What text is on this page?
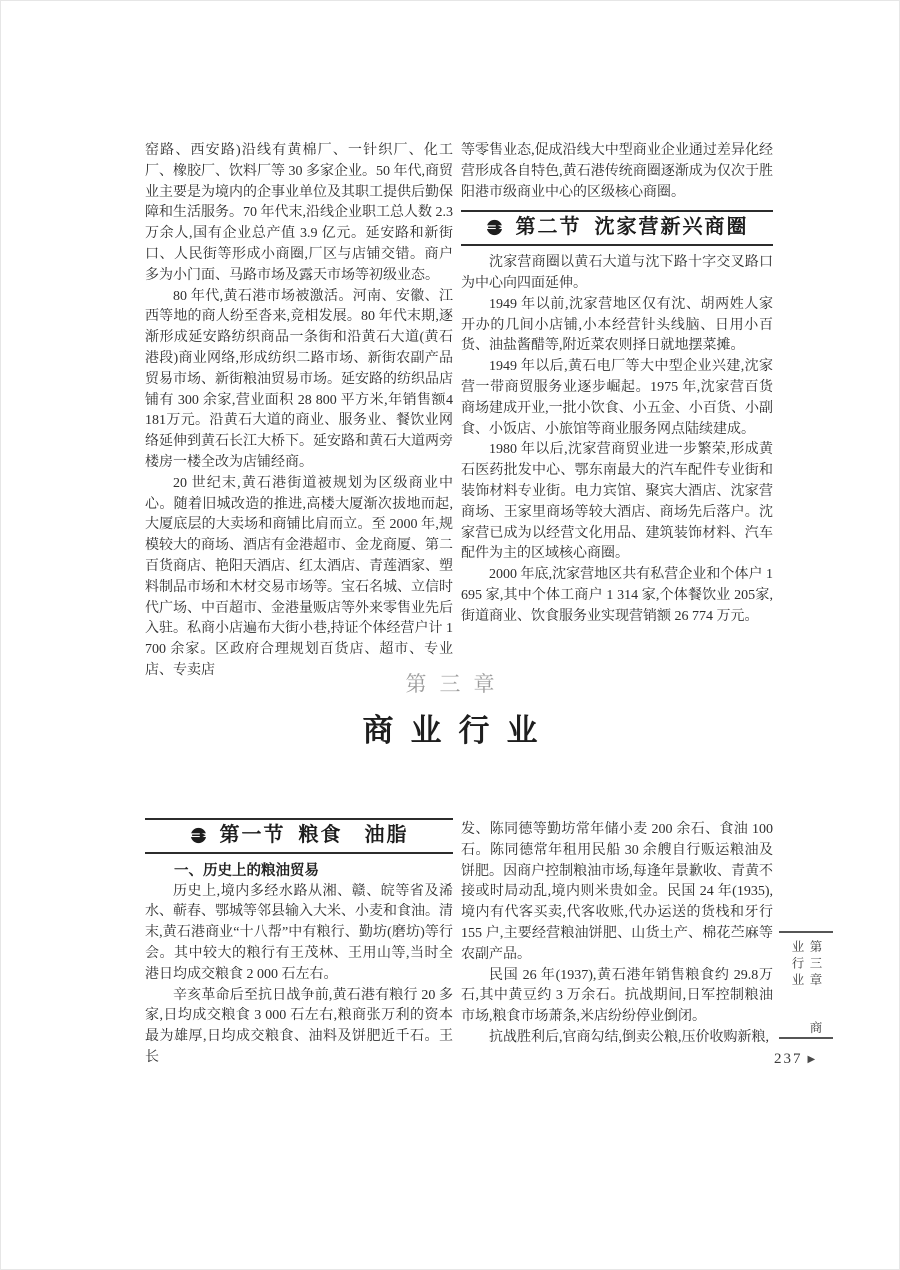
窑路、西安路)沿线有黄棉厂、一针织厂、化工厂、橡胶厂、饮料厂等 30 多家企业。50 年代,商贸业主要是为境内的企事业单位及其职工提供后勤保障和生活服务。70 年代末,沿线企业职工总人数 2.3 万余人,国有企业总产值 3.9 亿元。延安路和新街口、人民街等形成小商圈,厂区与店铺交错。商户多为小门面、马路市场及露天市场等初级业态。

80 年代,黄石港市场被激活。河南、安徽、江西等地的商人纷至沓来,竞相发展。80 年代末期,逐渐形成延安路纺织商品一条街和沿黄石大道(黄石港段)商业网络,形成纺织二路市场、新街农副产品贸易市场、新街粮油贸易市场。延安路的纺织品店铺有 300 余家,营业面积 28 800 平方米,年销售额4 181万元。沿黄石大道的商业、服务业、餐饮业网络延伸到黄石长江大桥下。延安路和黄石大道两旁楼房一楼全改为店铺经商。

20 世纪末,黄石港街道被规划为区级商业中心。随着旧城改造的推进,高楼大厦渐次拔地而起,大厦底层的大卖场和商铺比肩而立。至 2000 年,规模较大的商场、酒店有金港超市、金龙商厦、第二百货商店、艳阳天酒店、红太酒店、青莲酒家、塑料制品市场和木材交易市场等。宝石名城、立信时代广场、中百超市、金港量贩店等外来零售业先后入驻。私商小店遍布大街小巷,持证个体经营户计 1 700 余家。区政府合理规划百货店、超市、专业店、专卖店

等零售业态,促成沿线大中型商业企业通过差异化经营形成各自特色,黄石港传统商圈逐渐成为仅次于胜阳港市级商业中心的区级核心商圈。

第二节 沈家营新兴商圈

沈家营商圈以黄石大道与沈下路十字交叉路口为中心向四面延伸。

1949 年以前,沈家营地区仅有沈、胡两姓人家开办的几间小店铺,小本经营针头线脑、日用小百货、油盐酱醋等,附近菜农则择日就地摆菜摊。

1949 年以后,黄石电厂等大中型企业兴建,沈家营一带商贸服务业逐步崛起。1975 年,沈家营百货商场建成开业,一批小饮食、小五金、小百货、小副食、小饭店、小旅馆等商业服务网点陆续建成。

1980 年以后,沈家营商贸业进一步繁荣,形成黄石医药批发中心、鄂东南最大的汽车配件专业街和装饰材料专业街。电力宾馆、聚宾大酒店、沈家营商场、王家里商场等较大酒店、商场先后落户。沈家营已成为以经营文化用品、建筑装饰材料、汽车配件为主的区域核心商圈。

2000 年底,沈家营地区共有私营企业和个体户 1 695 家,其中个体工商户 1 314 家,个体餐饮业 205家,街道商业、饮食服务业实现营销额 26 774 万元。

第三章

商业行业

第一节 粮食　油脂

一、历史上的粮油贸易

历史上,境内多经水路从湘、赣、皖等省及浠水、蕲春、鄂城等邻县输入大米、小麦和食油。清末,黄石港商业“十八帮”中有粮行、勤坊(磨坊)等行会。其中较大的粮行有王茂林、王用山等,当时全港日均成交粮食 2 000 石左右。

辛亥革命后至抗日战争前,黄石港有粮行 20 多家,日均成交粮食 3 000 石左右,粮商张万利的资本最为雄厚,日均成交粮食、油料及饼肥近千石。王长

发、陈同德等勤坊常年储小麦 200 余石、食油 100石。陈同德常年租用民船 30 余艘自行贩运粮油及饼肥。因商户控制粮油市场,每逢年景歉收、青黄不接或时局动乱,境内则米贵如金。民国 24 年(1935),境内有代客买卖,代客收账,代办运送的货栈和牙行 155 户,主要经营粮油饼肥、山货土产、棉花苎麻等农副产品。

民国 26 年(1937),黄石港年销售粮食约 29.8万石,其中黄豆约 3 万余石。抗战期间,日军控制粮油市场,粮食市场萧条,米店纷纷停业倒闭。

抗战胜利后,官商勾结,倒卖公粮,压价收购新粮,

第三章 商业行业
237 ▶
